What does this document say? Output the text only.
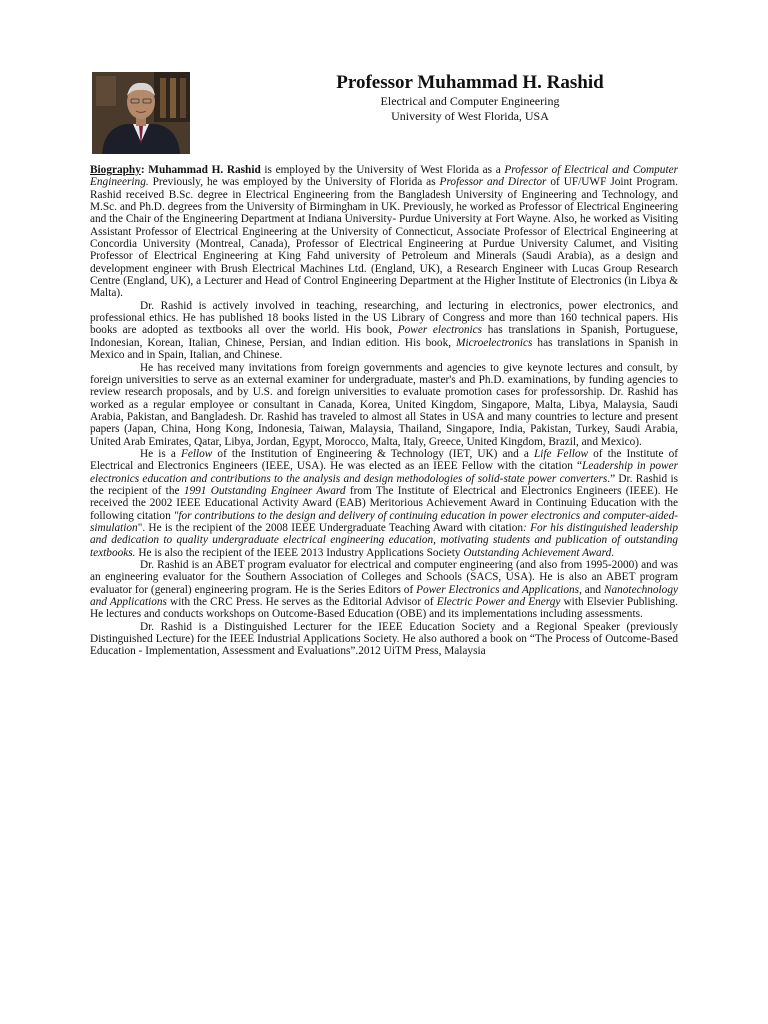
Professor Muhammad H. Rashid

Electrical and Computer Engineering

University of West Florida, USA

Biography: Muhammad H. Rashid is employed by the University of West Florida as a Professor of Electrical and Computer Engineering. Previously, he was employed by the University of Florida as Professor and Director of UF/UWF Joint Program. Rashid received B.Sc. degree in Electrical Engineering from the Bangladesh University of Engineering and Technology, and M.Sc. and Ph.D. degrees from the University of Birmingham in UK. Previously, he worked as Professor of Electrical Engineering and the Chair of the Engineering Department at Indiana University- Purdue University at Fort Wayne. Also, he worked as Visiting Assistant Professor of Electrical Engineering at the University of Connecticut, Associate Professor of Electrical Engineering at Concordia University (Montreal, Canada), Professor of Electrical Engineering at Purdue University Calumet, and Visiting Professor of Electrical Engineering at King Fahd university of Petroleum and Minerals (Saudi Arabia), as a design and development engineer with Brush Electrical Machines Ltd. (England, UK), a Research Engineer with Lucas Group Research Centre (England, UK), a Lecturer and Head of Control Engineering Department at the Higher Institute of Electronics (in Libya & Malta).

Dr. Rashid is actively involved in teaching, researching, and lecturing in electronics, power electronics, and professional ethics. He has published 18 books listed in the US Library of Congress and more than 160 technical papers. His books are adopted as textbooks all over the world. His book, Power electronics has translations in Spanish, Portuguese, Indonesian, Korean, Italian, Chinese, Persian, and Indian edition. His book, Microelectronics has translations in Spanish in Mexico and in Spain, Italian, and Chinese.

He has received many invitations from foreign governments and agencies to give keynote lectures and consult, by foreign universities to serve as an external examiner for undergraduate, master's and Ph.D. examinations, by funding agencies to review research proposals, and by U.S. and foreign universities to evaluate promotion cases for professorship. Dr. Rashid has worked as a regular employee or consultant in Canada, Korea, United Kingdom, Singapore, Malta, Libya, Malaysia, Saudi Arabia, Pakistan, and Bangladesh. Dr. Rashid has traveled to almost all States in USA and many countries to lecture and present papers (Japan, China, Hong Kong, Indonesia, Taiwan, Malaysia, Thailand, Singapore, India, Pakistan, Turkey, Saudi Arabia, United Arab Emirates, Qatar, Libya, Jordan, Egypt, Morocco, Malta, Italy, Greece, United Kingdom, Brazil, and Mexico).

He is a Fellow of the Institution of Engineering & Technology (IET, UK) and a Life Fellow of the Institute of Electrical and Electronics Engineers (IEEE, USA). He was elected as an IEEE Fellow with the citation “Leadership in power electronics education and contributions to the analysis and design methodologies of solid-state power converters.” Dr. Rashid is the recipient of the 1991 Outstanding Engineer Award from The Institute of Electrical and Electronics Engineers (IEEE). He received the 2002 IEEE Educational Activity Award (EAB) Meritorious Achievement Award in Continuing Education with the following citation "for contributions to the design and delivery of continuing education in power electronics and computer-aided-simulation". He is the recipient of the 2008 IEEE Undergraduate Teaching Award with citation: For his distinguished leadership and dedication to quality undergraduate electrical engineering education, motivating students and publication of outstanding textbooks. He is also the recipient of the IEEE 2013 Industry Applications Society Outstanding Achievement Award.

Dr. Rashid is an ABET program evaluator for electrical and computer engineering (and also from 1995-2000) and was an engineering evaluator for the Southern Association of Colleges and Schools (SACS, USA). He is also an ABET program evaluator for (general) engineering program. He is the Series Editors of Power Electronics and Applications, and Nanotechnology and Applications with the CRC Press. He serves as the Editorial Advisor of Electric Power and Energy with Elsevier Publishing. He lectures and conducts workshops on Outcome-Based Education (OBE) and its implementations including assessments.

Dr. Rashid is a Distinguished Lecturer for the IEEE Education Society and a Regional Speaker (previously Distinguished Lecture) for the IEEE Industrial Applications Society. He also authored a book on “The Process of Outcome-Based Education - Implementation, Assessment and Evaluations”.2012 UiTM Press, Malaysia
